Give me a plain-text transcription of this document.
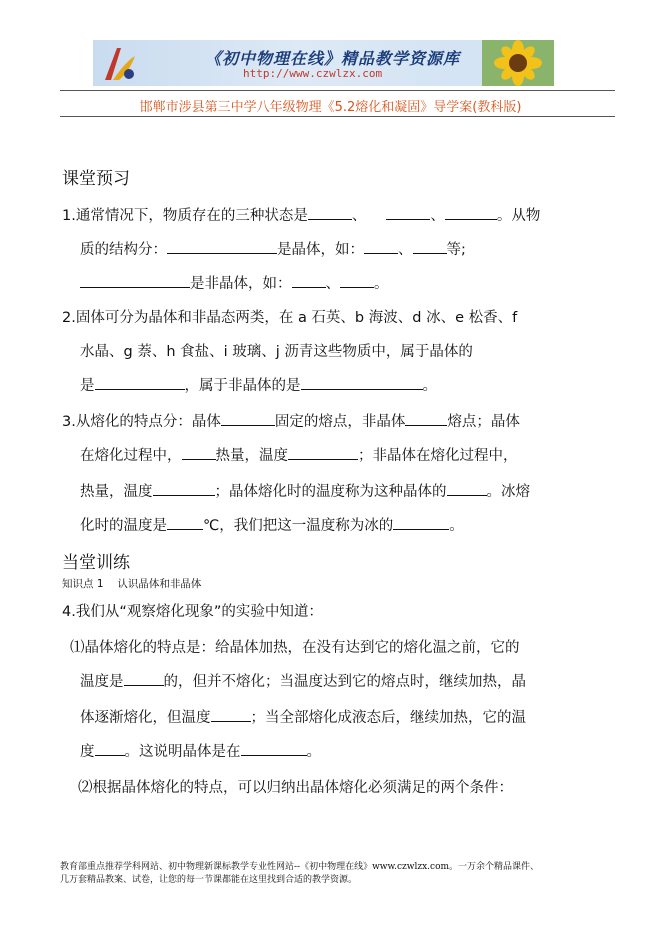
《初中物理在线》精品教学资源库
http://www.czwlzx.com
邯郸市涉县第三中学八年级物理《5.2熔化和凝固》导学案(教科版)
课堂预习
1.通常情况下，物质存在的三种状态是	、	、	。从物
质的结构分：	是晶体，如： 、 等;
是非晶体，如： 、 。
2.固体可分为晶体和非晶态两类，在 a 石英、b 海波、d 冰、e 松香、f
水晶、g 萘、h 食盐、i 玻璃、j 沥青这些物质中，属于晶体的
是	，属于非晶体的是	。
3.从熔化的特点分：晶体	固定的熔点，非晶体	熔点；晶体
在熔化过程中， 热量，温度	；非晶体在熔化过程中，
热量，温度	；晶体熔化时的温度称为这种晶体的	。冰熔
化时的温度是 ℃，我们把这一温度称为冰的	。
当堂训练
知识点 1　 认识晶体和非晶体
4.我们从“观察熔化现象”的实验中知道：
⑴晶体熔化的特点是：给晶体加热，在没有达到它的熔化温之前，它的
温度是	的，但并不熔化；当温度达到它的熔点时，继续加热，晶
体逐渐熔化，但温度	；当全部熔化成液态后，继续加热，它的温
度 。这说明晶体是在	。
⑵根据晶体熔化的特点，可以归纳出晶体熔化必须满足的两个条件：
教育部重点推荐学科网站、初中物理新课标教学专业性网站--《初中物理在线》www.czwlzx.com。一万余个精品课件、
几万套精品教案、试卷，让您的每一节课都能在这里找到合适的教学资源。
